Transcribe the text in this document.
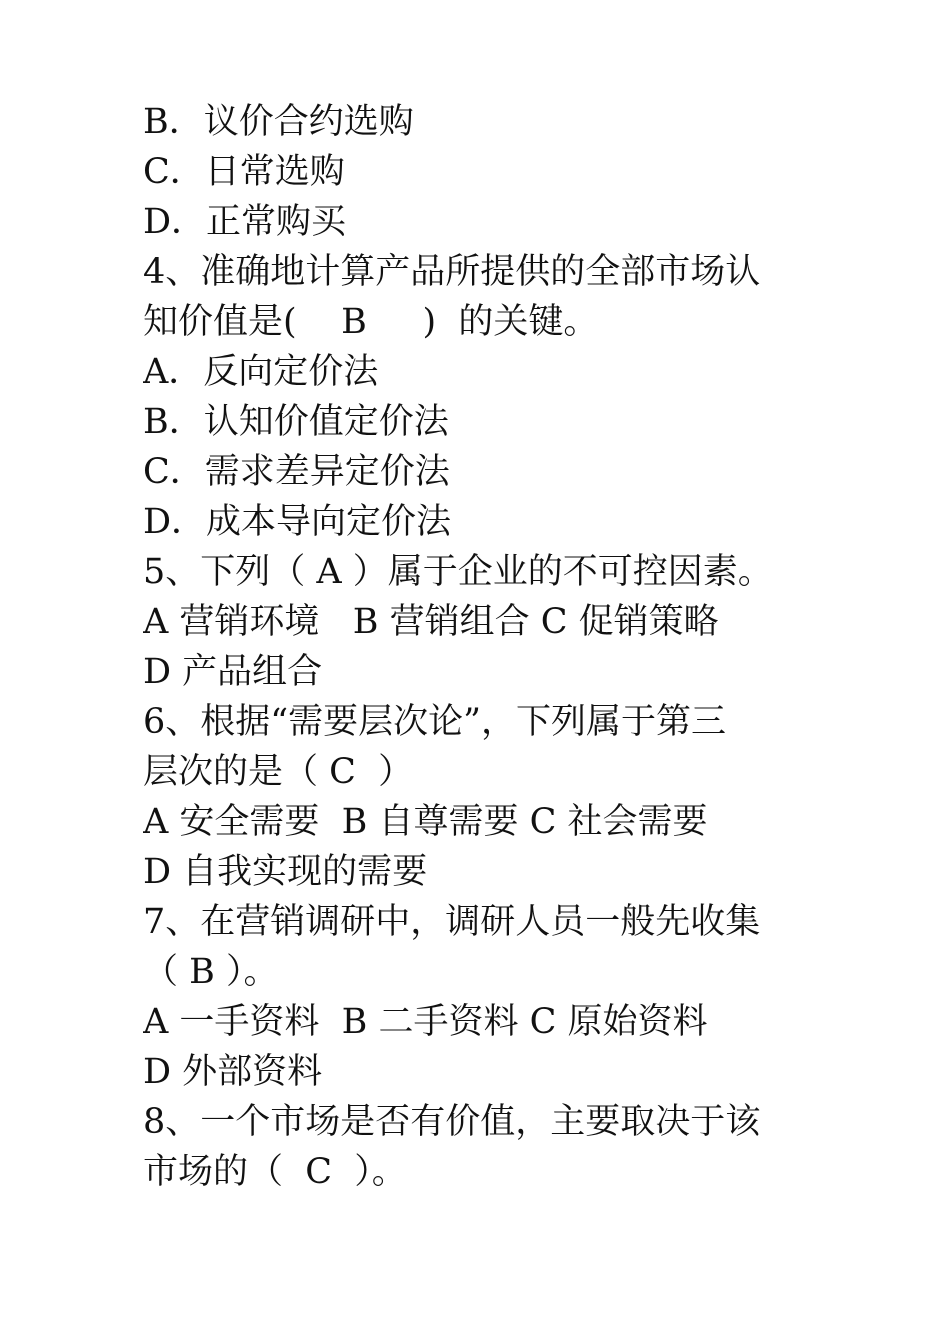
B．议价合约选购
C．日常选购
D．正常购买
4、准确地计算产品所提供的全部市场认
知价值是(    B     )  的关键。
A．反向定价法
B．认知价值定价法
C．需求差异定价法
D．成本导向定价法
5、下列（ A ）属于企业的不可控因素。
A 营销环境   B 营销组合 C 促销策略
D 产品组合
6、根据“需要层次论”，下列属于第三
层次的是（ C  ）
A 安全需要  B 自尊需要 C 社会需要
D 自我实现的需要
7、在营销调研中，调研人员一般先收集
（ B ）。
A 一手资料  B 二手资料 C 原始资料
D 外部资料
8、一个市场是否有价值，主要取决于该
市场的（  C  ）。
